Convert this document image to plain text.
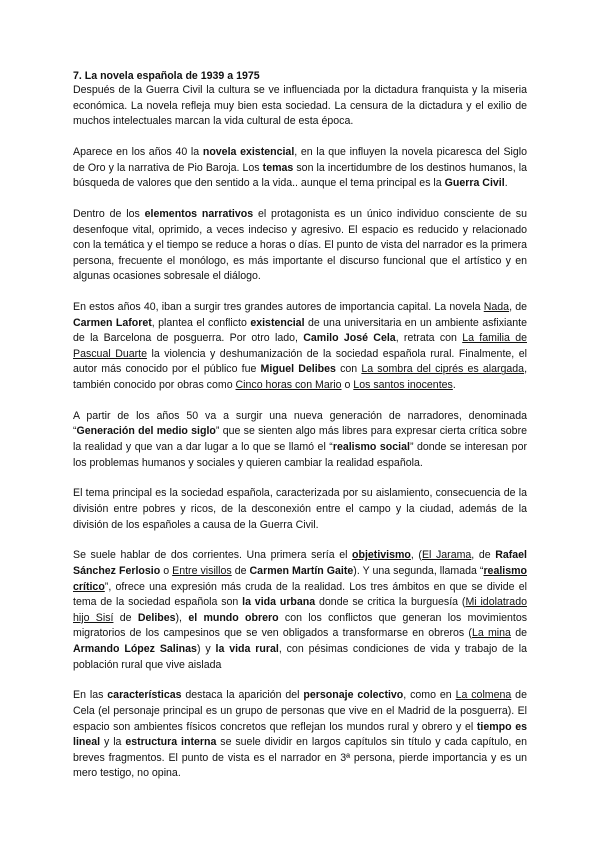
7. La novela española de 1939 a 1975

Después de la Guerra Civil la cultura se ve influenciada por la dictadura franquista y la miseria económica. La novela refleja muy bien esta sociedad. La censura de la dictadura y el exilio de muchos intelectuales marcan la vida cultural de esta época.

Aparece en los años 40 la novela existencial, en la que influyen la novela picaresca del Siglo de Oro y la narrativa de Pio Baroja. Los temas son la incertidumbre de los destinos humanos, la búsqueda de valores que den sentido a la vida.. aunque el tema principal es la Guerra Civil.

Dentro de los elementos narrativos el protagonista es un único individuo consciente de su desenfoque vital, oprimido, a veces indeciso y agresivo. El espacio es reducido y relacionado con la temática y el tiempo se reduce a horas o días. El punto de vista del narrador es la primera persona, frecuente el monólogo, es más importante el discurso funcional que el artístico y en algunas ocasiones sobresale el diálogo.

En estos años 40, iban a surgir tres grandes autores de importancia capital. La novela Nada, de Carmen Laforet, plantea el conflicto existencial de una universitaria en un ambiente asfixiante de la Barcelona de posguerra. Por otro lado, Camilo José Cela, retrata con La familia de Pascual Duarte la violencia y deshumanización de la sociedad española rural. Finalmente, el autor más conocido por el público fue Miguel Delibes con La sombra del ciprés es alargada, también conocido por obras como Cinco horas con Mario o Los santos inocentes.

A partir de los años 50 va a surgir una nueva generación de narradores, denominada “Generación del medio siglo” que se sienten algo más libres para expresar cierta crítica sobre la realidad y que van a dar lugar a lo que se llamó el “realismo social” donde se interesan por los problemas humanos y sociales y quieren cambiar la realidad española.

El tema principal es la sociedad española, caracterizada por su aislamiento, consecuencia de la división entre pobres y ricos, de la desconexión entre el campo y la ciudad, además de la división de los españoles a causa de la Guerra Civil.

Se suele hablar de dos corrientes. Una primera sería el objetivismo, (El Jarama, de Rafael Sánchez Ferlosio o Entre visillos de Carmen Martín Gaite). Y una segunda, llamada “realismo crítico”, ofrece una expresión más cruda de la realidad. Los tres ámbitos en que se divide el tema de la sociedad española son la vida urbana donde se critica la burguesía (Mi idolatrado hijo Sisí de Delibes), el mundo obrero con los conflictos que generan los movimientos migratorios de los campesinos que se ven obligados a transformarse en obreros (La mina de Armando López Salinas) y la vida rural, con pésimas condiciones de vida y trabajo de la población rural que vive aislada

En las características destaca la aparición del personaje colectivo, como en La colmena de Cela (el personaje principal es un grupo de personas que vive en el Madrid de la posguerra). El espacio son ambientes físicos concretos que reflejan los mundos rural y obrero y el tiempo es lineal y la estructura interna se suele dividir en largos capítulos sin título y cada capítulo, en breves fragmentos. El punto de vista es el narrador en 3ª persona, pierde importancia y es un mero testigo, no opina.
